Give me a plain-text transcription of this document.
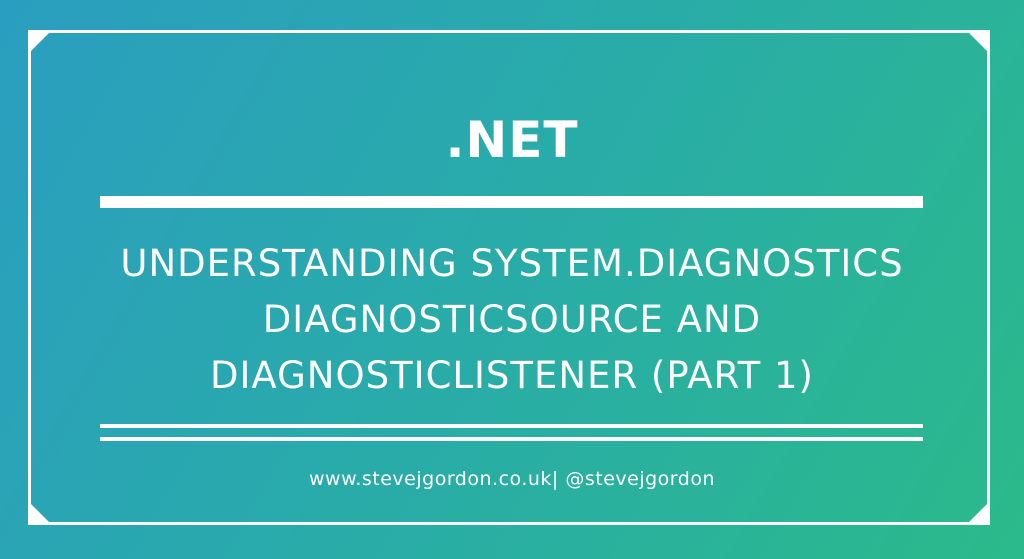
.NET
UNDERSTANDING SYSTEM.DIAGNOSTICS
DIAGNOSTICSOURCE AND
DIAGNOSTICLISTENER (PART 1)
www.stevejgordon.co.uk| @stevejgordon
